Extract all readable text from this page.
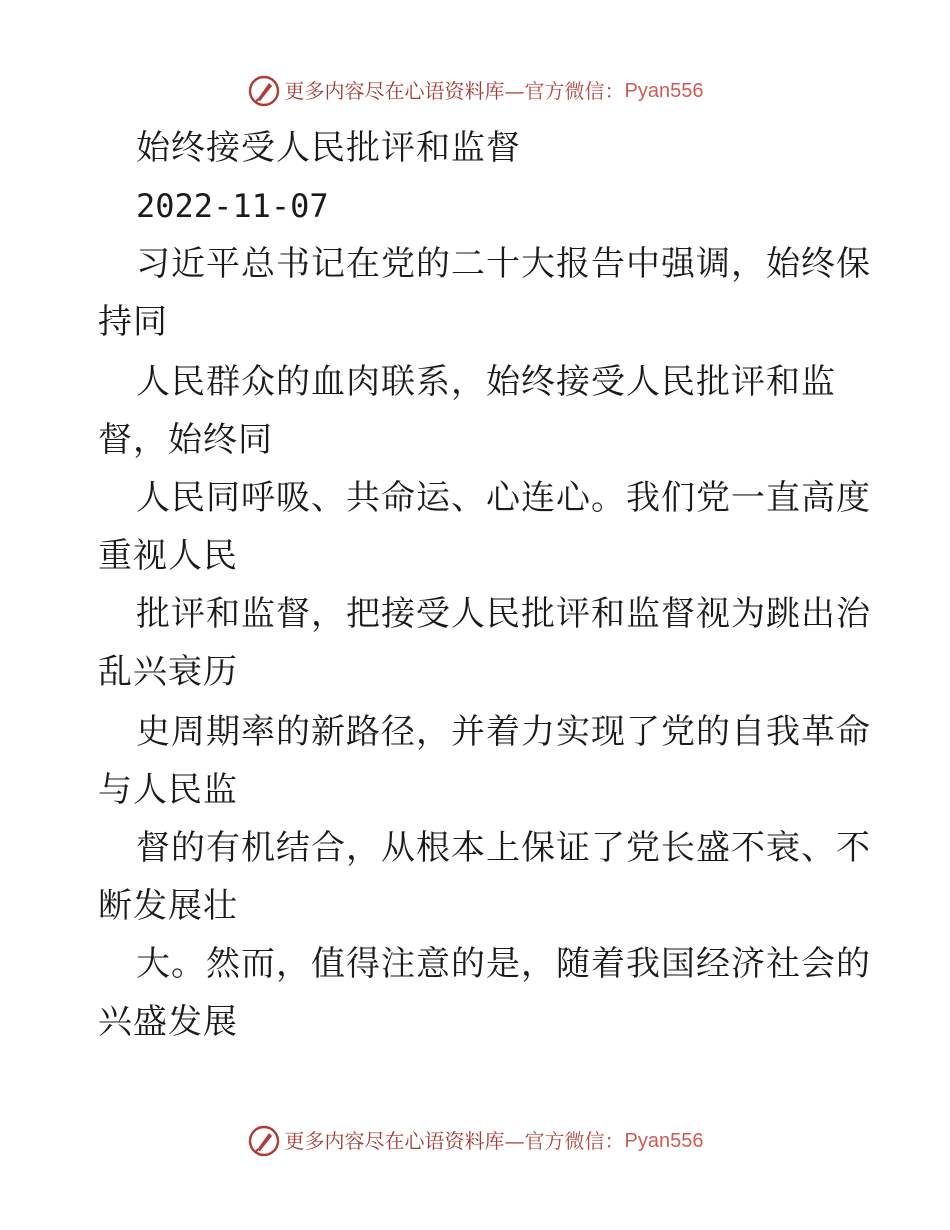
更多内容尽在心语资料库 — 官方微信： Pyan556
始终接受人民批评和监督
2022-11-07
习近平总书记在党的二十大报告中强调，始终保
持同
人民群众的血肉联系，始终接受人民批评和监
督，始终同
人民同呼吸、共命运、心连心。我们党一直高度
重视人民
批评和监督，把接受人民批评和监督视为跳出治
乱兴衰历
史周期率的新路径，并着力实现了党的自我革命
与人民监
督的有机结合，从根本上保证了党长盛不衰、不
断发展壮
大。然而，值得注意的是，随着我国经济社会的
兴盛发展
更多内容尽在心语资料库 — 官方微信： Pyan556
